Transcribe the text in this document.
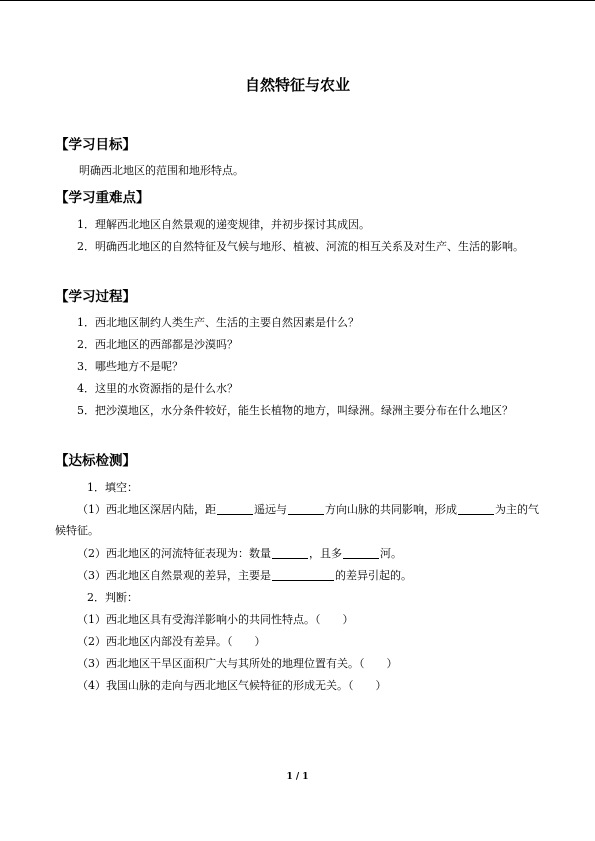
自然特征与农业
【学习目标】
明确西北地区的范围和地形特点。
【学习重难点】
1．理解西北地区自然景观的递变规律，并初步探讨其成因。
2．明确西北地区的自然特征及气候与地形、植被、河流的相互关系及对生产、生活的影响。
【学习过程】
1．西北地区制约人类生产、生活的主要自然因素是什么？
2．西北地区的西部都是沙漠吗？
3．哪些地方不是呢？
4．这里的水资源指的是什么水？
5．把沙漠地区，水分条件较好，能生长植物的地方，叫绿洲。绿洲主要分布在什么地区？
【达标检测】
1．填空：
（1）西北地区深居内陆，距	遥远与	方向山脉的共同影响，形成	为主的气候特征。
（2）西北地区的河流特征表现为：数量	，且多	河。
（3）西北地区自然景观的差异，主要是	的差异引起的。
2．判断：
（1）西北地区具有受海洋影响小的共同性特点。（　　）
（2）西北地区内部没有差异。（　　）
（3）西北地区干旱区面积广大与其所处的地理位置有关。（　　）
（4）我国山脉的走向与西北地区气候特征的形成无关。（　　）
1 / 1
